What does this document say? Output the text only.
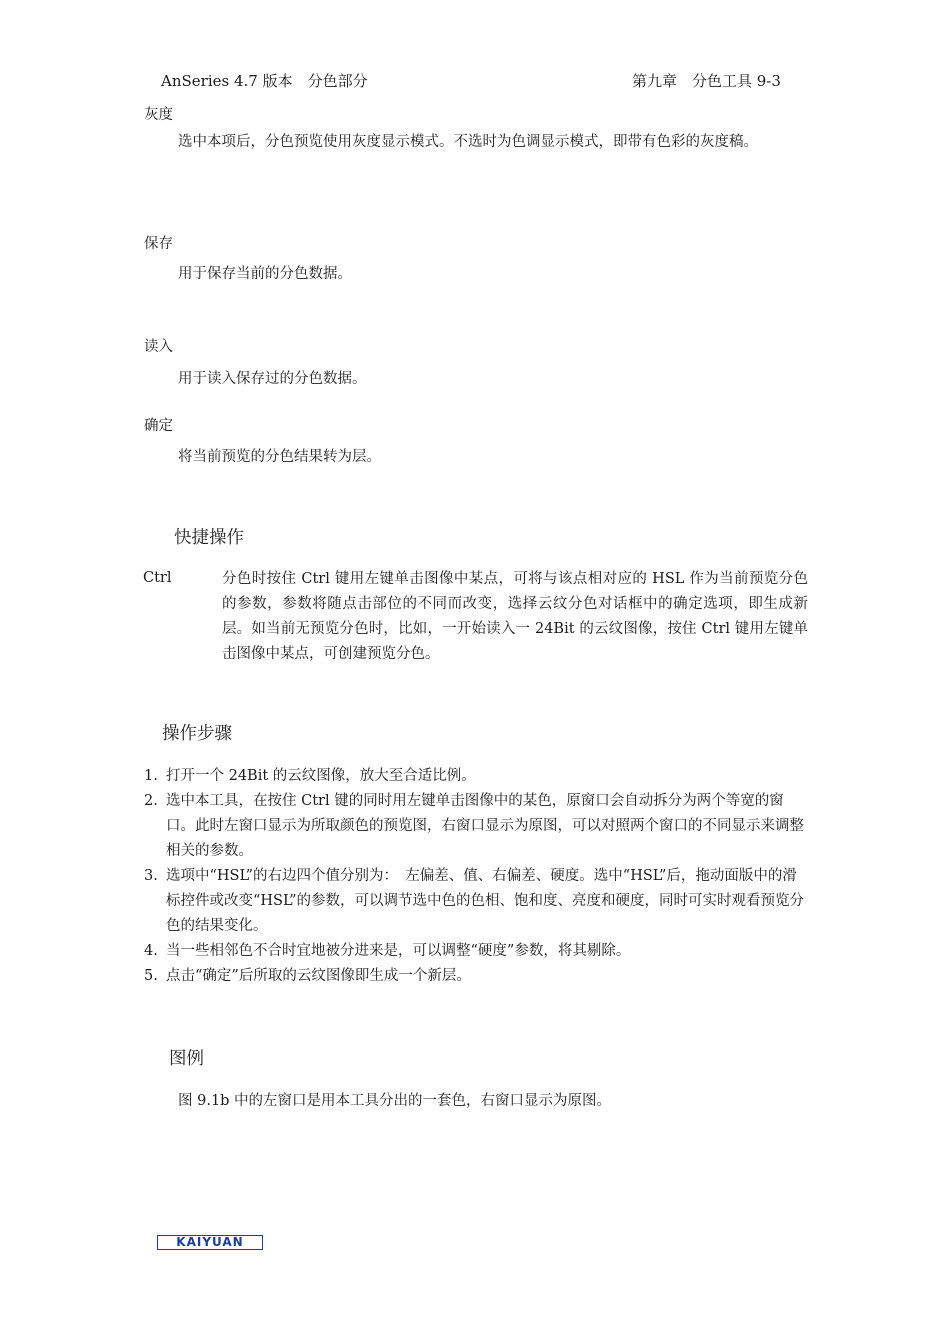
AnSeries 4.7 版本　分色部分	第九章　分色工具 9-3
灰度
选中本项后，分色预览使用灰度显示模式。不选时为色调显示模式，即带有色彩的灰度稿。
保存
用于保存当前的分色数据。
读入
用于读入保存过的分色数据。
确定
将当前预览的分色结果转为层。
快捷操作
Ctrl	分色时按住 Ctrl 键用左键单击图像中某点，可将与该点相对应的 HSL 作为当前预览分色的参数，参数将随点击部位的不同而改变，选择云纹分色对话框中的确定选项，即生成新层。如当前无预览分色时，比如，一开始读入一 24Bit 的云纹图像，按住 Ctrl 键用左键单击图像中某点，可创建预览分色。
操作步骤
1. 打开一个 24Bit 的云纹图像，放大至合适比例。
2. 选中本工具，在按住 Ctrl 键的同时用左键单击图像中的某色，原窗口会自动拆分为两个等宽的窗口。此时左窗口显示为所取颜色的预览图，右窗口显示为原图，可以对照两个窗口的不同显示来调整相关的参数。
3. 选项中“HSL”的右边四个值分别为：　左偏差、值、右偏差、硬度。选中“HSL”后，拖动面版中的滑标控件或改变“HSL”的参数，可以调节选中色的色相、饱和度、亮度和硬度，同时可实时观看预览分色的结果变化。
4. 当一些相邻色不合时宜地被分进来是，可以调整“硬度”参数，将其剔除。
5. 点击“确定”后所取的云纹图像即生成一个新层。
图例
图 9.1b 中的左窗口是用本工具分出的一套色，右窗口显示为原图。
KAIYUAN
